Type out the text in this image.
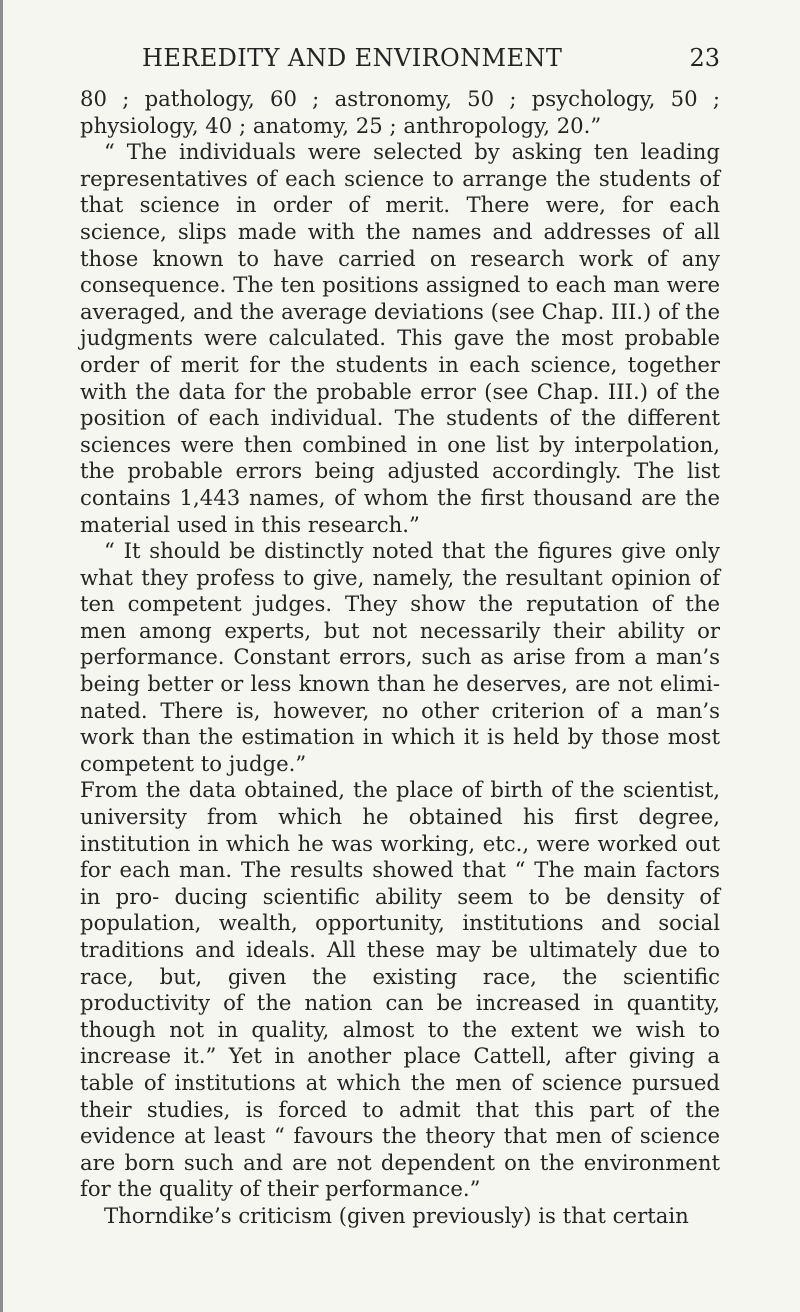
HEREDITY AND ENVIRONMENT	23

80 ; pathology, 60 ; astronomy, 50 ; psychology, 50 ; physiology, 40 ; anatomy, 25 ; anthropology, 20.”

“ The individuals were selected by asking ten leading representatives of each science to arrange the students of that science in order of merit. There were, for each science, slips made with the names and addresses of all those known to have carried on research work of any consequence. The ten positions assigned to each man were averaged, and the average deviations (see Chap. III.) of the judgments were calculated. This gave the most probable order of merit for the students in each science, together with the data for the probable error (see Chap. III.) of the position of each individual. The students of the different sciences were then combined in one list by interpolation, the probable errors being adjusted accordingly. The list contains 1,443 names, of whom the first thousand are the material used in this research.”

“ It should be distinctly noted that the figures give only what they profess to give, namely, the resultant opinion of ten competent judges. They show the reputation of the men among experts, but not necessarily their ability or performance. Constant errors, such as arise from a man’s being better or less known than he deserves, are not elimi- nated. There is, however, no other criterion of a man’s work than the estimation in which it is held by those most competent to judge.”

From the data obtained, the place of birth of the scientist, university from which he obtained his first degree, institution in which he was working, etc., were worked out for each man. The results showed that “ The main factors in pro- ducing scientific ability seem to be density of population, wealth, opportunity, institutions and social traditions and ideals. All these may be ultimately due to race, but, given the existing race, the scientific productivity of the nation can be increased in quantity, though not in quality, almost to the extent we wish to increase it.” Yet in another place Cattell, after giving a table of institutions at which the men of science pursued their studies, is forced to admit that this part of the evidence at least “ favours the theory that men of science are born such and are not dependent on the environment for the quality of their performance.”

Thorndike’s criticism (given previously) is that certain
